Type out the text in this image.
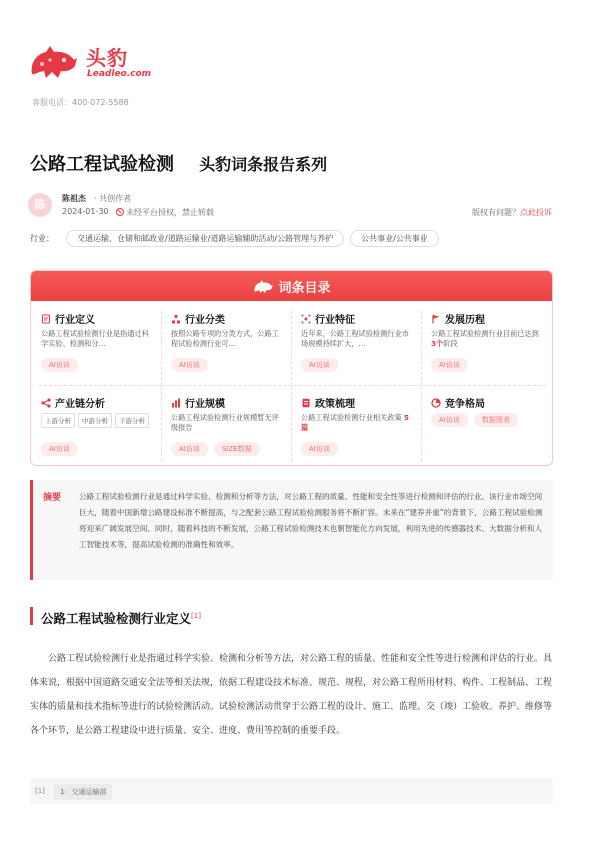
头豹
Leadleo.com
客服电话：400-072-5588
公路工程试验检测 头豹词条报告系列
陈	陈祖杰 · 共创作者
2024-01-30	未经平台授权，禁止转载	版权有问题？点此投诉
行业：	交通运输、仓储和邮政业/道路运输业/道路运输辅助活动/公路管理与养护	公共事业/公共事业
词条目录
行业定义
公路工程试验检测行业是指通过科学实验、检测和分…
AI访谈
行业分类
按照公路专项的分类方式，公路工程试验检测行业可…
AI访谈
行业特征
近年来，公路工程试验检测行业市场规模持续扩大，…
AI访谈
发展历程
公路工程试验检测行业目前已达到 3个阶段
AI访谈
产业链分析
上游分析	中游分析	下游分析
AI访谈
行业规模
公路工程试验检测行业规模暂无评级报告
AI访谈	SIZE数据
政策梳理
公路工程试验检测行业相关政策 5篇
AI访谈
竞争格局
AI访谈	数据图表
摘要 公路工程试验检测行业是通过科学实验、检测和分析等方法，对公路工程的质量、性能和安全性等进行检测和评估的行业。该行业市场空间巨大，随着中国新增公路建设标准不断提高，与之配套公路工程试验检测服务将不断扩容。未来在“建养并重”的背景下，公路工程试验检测将迎来广阔发展空间。同时，随着科技的不断发展，公路工程试验检测技术也朝智能化方向发展，利用先进的传感器技术、大数据分析和人工智能技术等，提高试验检测的准确性和效率。
公路工程试验检测行业定义[1]
公路工程试验检测行业是指通过科学实验、检测和分析等方法，对公路工程的质量、性能和安全性等进行检测和评估的行业。具体来说，根据中国道路交通安全法等相关法规，依据工程建设技术标准、规范、规程，对公路工程所用材料、构件、工程制品、工程实体的质量和技术指标等进行的试验检测活动。试验检测活动贯穿于公路工程的设计、施工、监理、交（竣）工验收、养护、维修等各个环节，是公路工程建设中进行质量、安全、进度、费用等控制的重要手段。
[1]	1：交通运输部
